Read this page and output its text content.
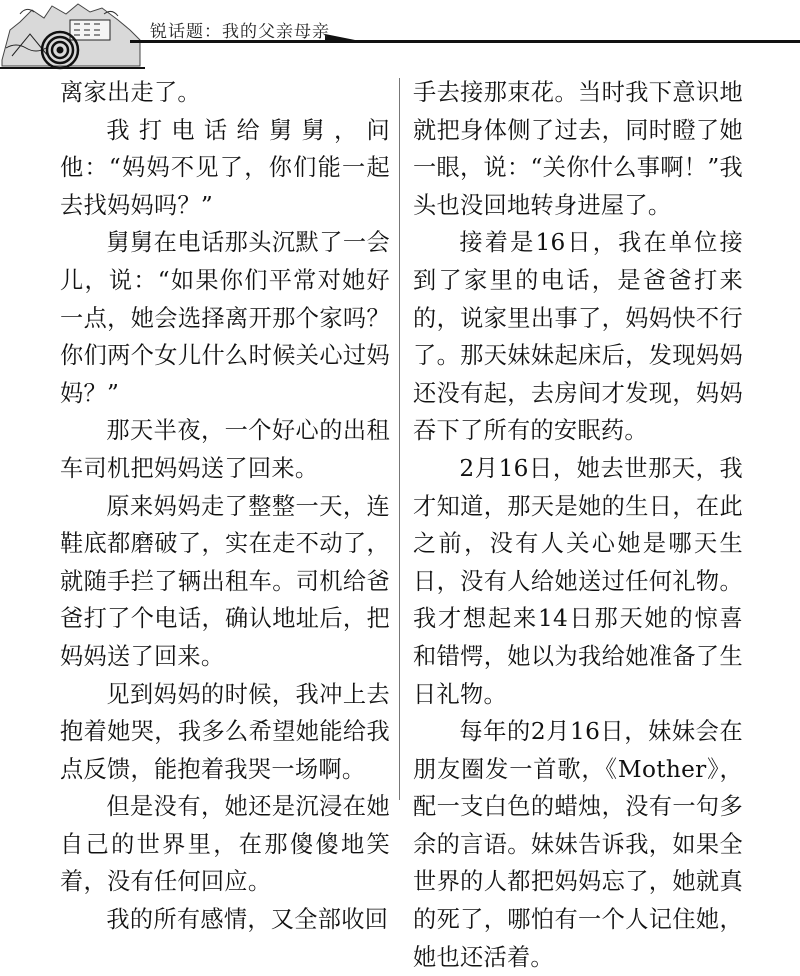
锐话题：我的父亲母亲

离家出走了。

我打电话给舅舅，问他：“妈妈不见了，你们能一起去找妈妈吗？”

舅舅在电话那头沉默了一会儿，说：“如果你们平常对她好一点，她会选择离开那个家吗？你们两个女儿什么时候关心过妈妈？”

那天半夜，一个好心的出租车司机把妈妈送了回来。

原来妈妈走了整整一天，连鞋底都磨破了，实在走不动了，就随手拦了辆出租车。司机给爸爸打了个电话，确认地址后，把妈妈送了回来。

见到妈妈的时候，我冲上去抱着她哭，我多么希望她能给我点反馈，能抱着我哭一场啊。

但是没有，她还是沉浸在她自己的世界里，在那傻傻地笑着，没有任何回应。

我的所有感情，又全部收回

手去接那束花。当时我下意识地就把身体侧了过去，同时瞪了她一眼，说：“关你什么事啊！”我头也没回地转身进屋了。

接着是16日，我在单位接到了家里的电话，是爸爸打来的，说家里出事了，妈妈快不行了。那天妹妹起床后，发现妈妈还没有起，去房间才发现，妈妈吞下了所有的安眠药。

2月16日，她去世那天，我才知道，那天是她的生日，在此之前，没有人关心她是哪天生日，没有人给她送过任何礼物。我才想起来14日那天她的惊喜和错愕，她以为我给她准备了生日礼物。

每年的2月16日，妹妹会在朋友圈发一首歌，《Mother》，配一支白色的蜡烛，没有一句多余的言语。妹妹告诉我，如果全世界的人都把妈妈忘了，她就真的死了，哪怕有一个人记住她，她也还活着。
